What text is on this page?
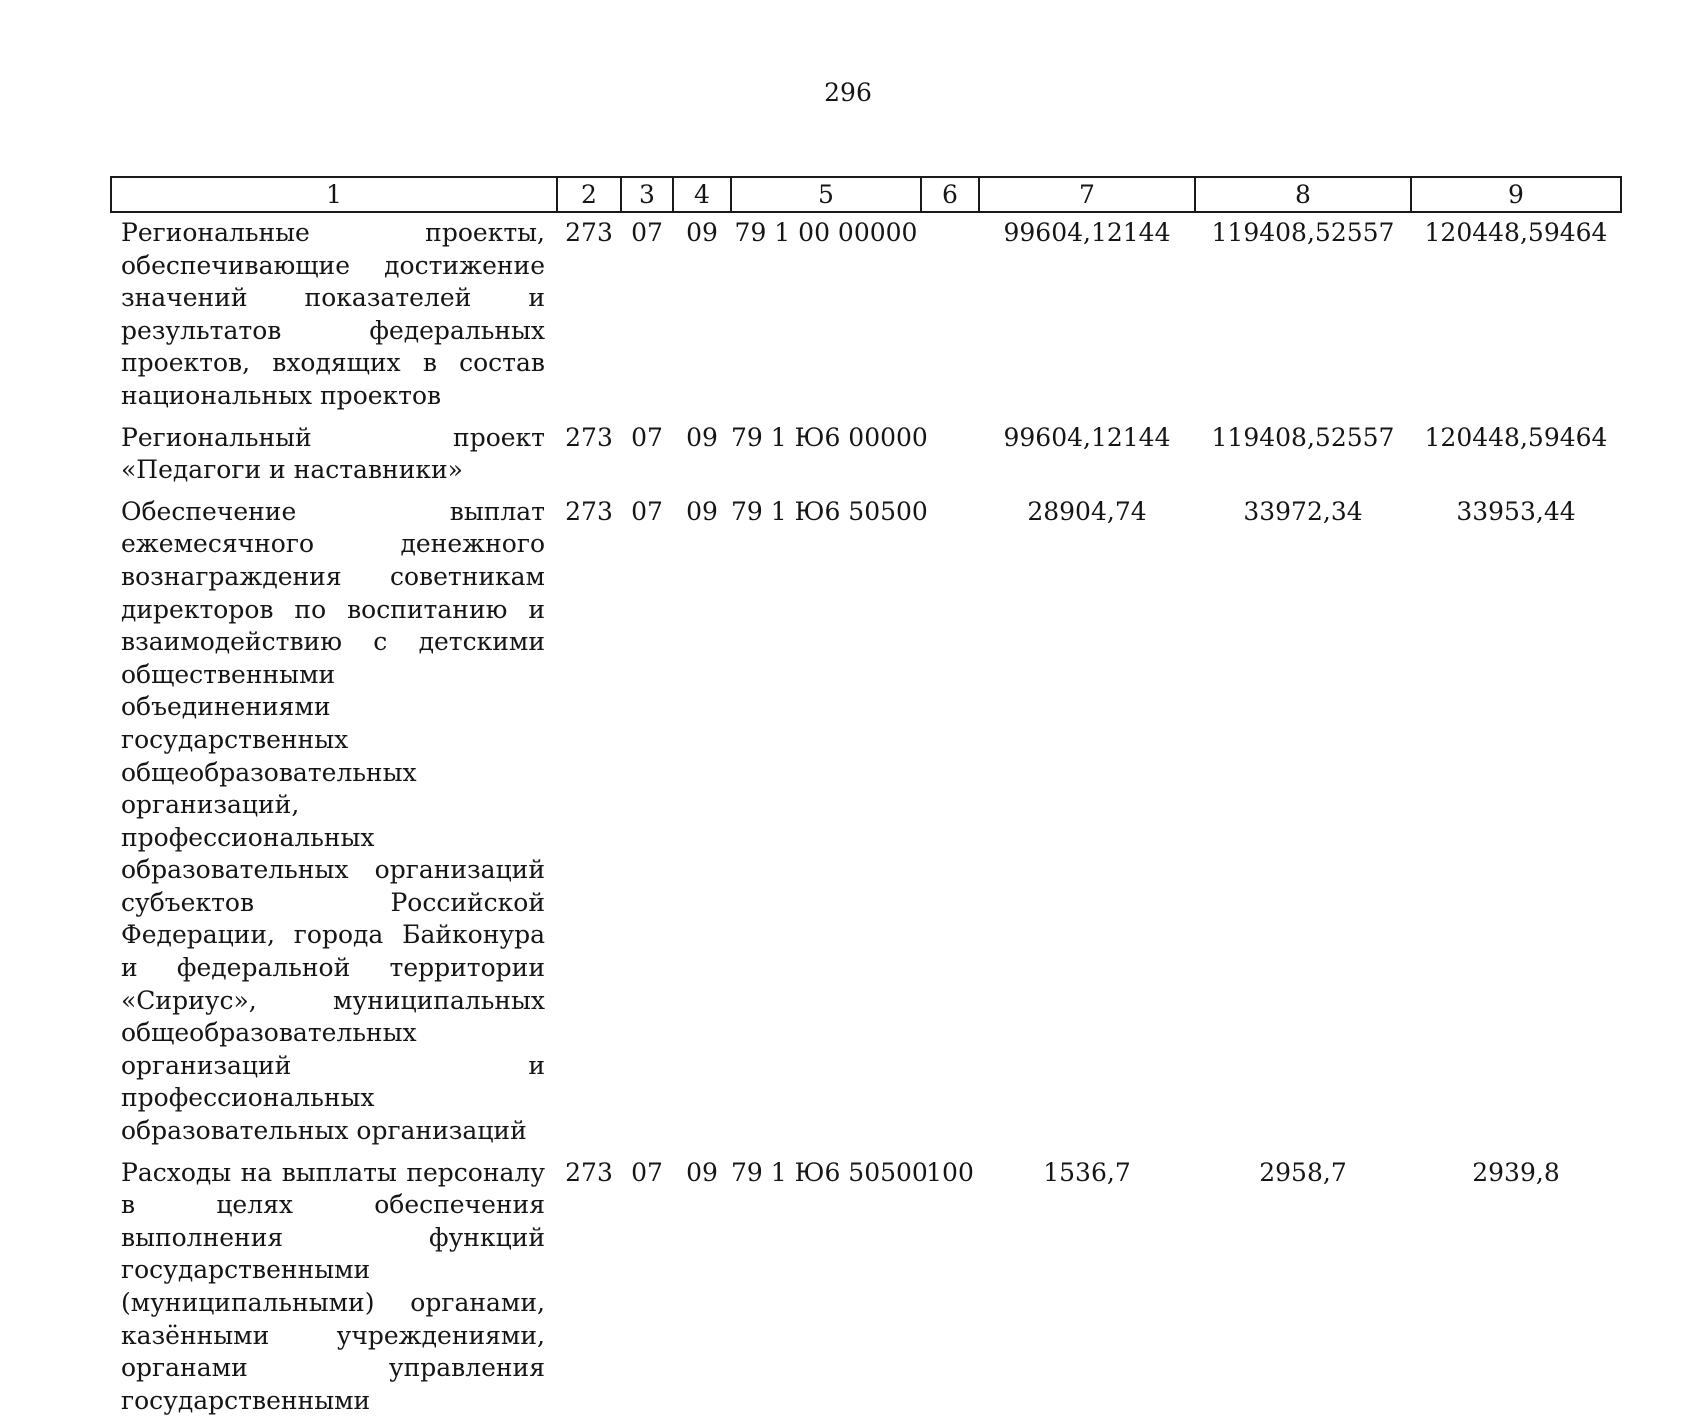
296
1	2	3	4	5	6	7	8	9
Региональные проекты, обеспечивающие достижение значений показателей и результатов федеральных проектов, входящих в состав национальных проектов	273	07	09	79 1 00 00000		99604,12144	119408,52557	120448,59464
Региональный проект «Педагоги и наставники»	273	07	09	79 1 Ю6 00000		99604,12144	119408,52557	120448,59464
Обеспечение выплат ежемесячного денежного вознаграждения советникам директоров по воспитанию и взаимодействию с детскими общественными объединениями государственных общеобразовательных организаций, профессиональных образовательных организаций субъектов Российской Федерации, города Байконура и федеральной территории «Сириус», муниципальных общеобразовательных организаций и профессиональных образовательных организаций	273	07	09	79 1 Ю6 50500		28904,74	33972,34	33953,44
Расходы на выплаты персоналу в целях обеспечения выполнения функций государственными (муниципальными) органами, казёнными учреждениями, органами управления государственными	273	07	09	79 1 Ю6 50500	100	1536,7	2958,7	2939,8
